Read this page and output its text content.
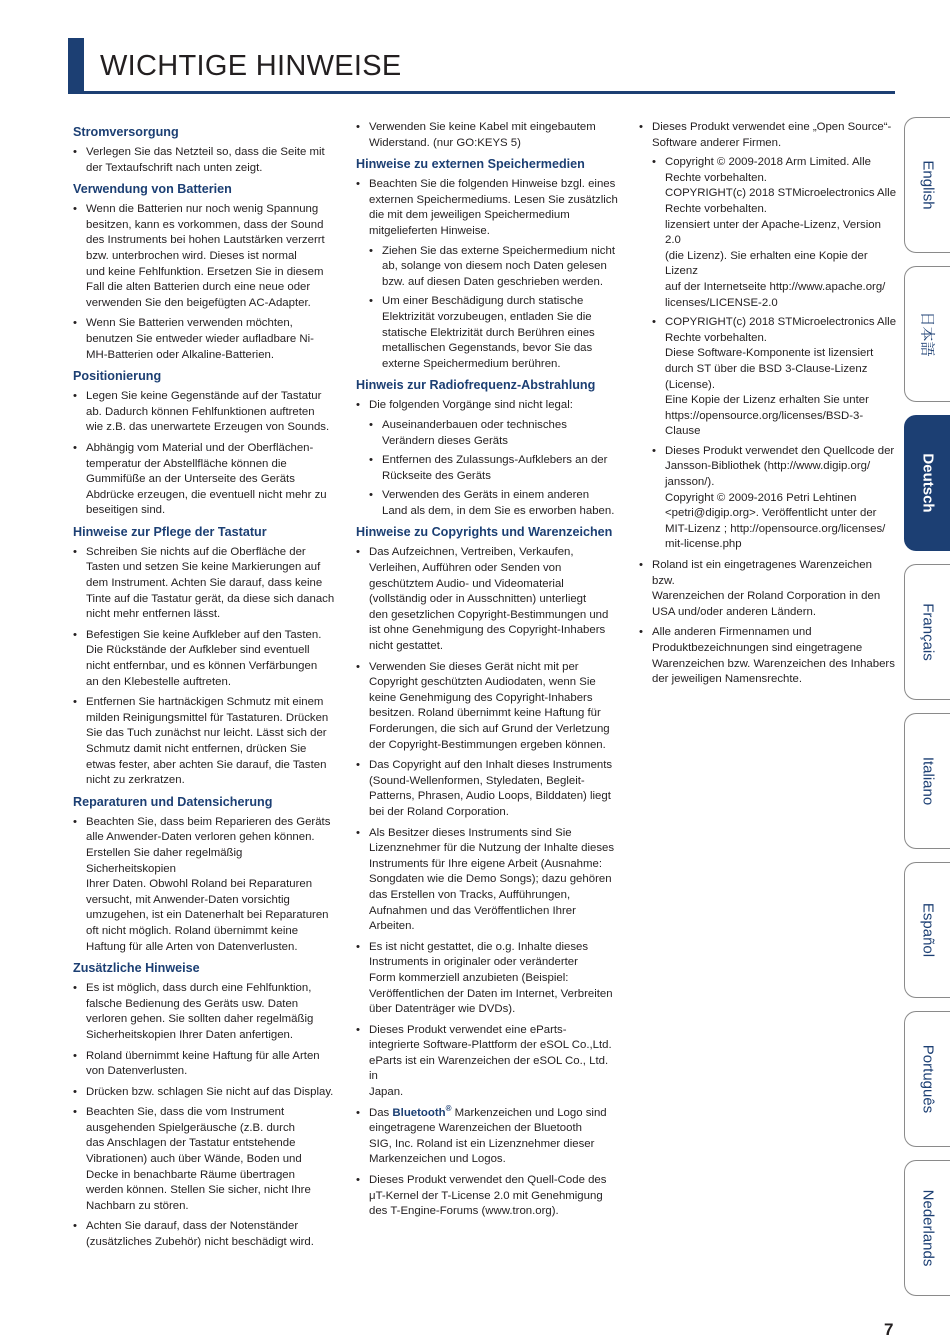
WICHTIGE HINWEISE
Stromversorgung
• Verlegen Sie das Netzteil so, dass die Seite mit
der Textaufschrift nach unten zeigt.
Verwendung von Batterien
• Wenn die Batterien nur noch wenig Spannung
besitzen, kann es vorkommen, dass der Sound
des Instruments bei hohen Lautstärken verzerrt
bzw. unterbrochen wird. Dieses ist normal
und keine Fehlfunktion. Ersetzen Sie in diesem
Fall die alten Batterien durch eine neue oder
verwenden Sie den beigefügten AC-Adapter.
• Wenn Sie Batterien verwenden möchten,
benutzen Sie entweder wieder aufladbare Ni-
MH-Batterien oder Alkaline-Batterien.
Positionierung
• Legen Sie keine Gegenstände auf der Tastatur
ab. Dadurch können Fehlfunktionen auftreten
wie z.B. das unerwartete Erzeugen von Sounds.
• Abhängig vom Material und der Oberflächen-
temperatur der Abstellfläche können die
Gummifüße an der Unterseite des Geräts
Abdrücke erzeugen, die eventuell nicht mehr zu
beseitigen sind.
Hinweise zur Pflege der Tastatur
• Schreiben Sie nichts auf die Oberfläche der
Tasten und setzen Sie keine Markierungen auf
dem Instrument. Achten Sie darauf, dass keine
Tinte auf die Tastatur gerät, da diese sich danach
nicht mehr entfernen lässt.
• Befestigen Sie keine Aufkleber auf den Tasten.
Die Rückstände der Aufkleber sind eventuell
nicht entfernbar, und es können Verfärbungen
an den Klebestelle auftreten.
• Entfernen Sie hartnäckigen Schmutz mit einem
milden Reinigungsmittel für Tastaturen. Drücken
Sie das Tuch zunächst nur leicht. Lässt sich der
Schmutz damit nicht entfernen, drücken Sie
etwas fester, aber achten Sie darauf, die Tasten
nicht zu zerkratzen.
Reparaturen und Datensicherung
• Beachten Sie, dass beim Reparieren des Geräts
alle Anwender-Daten verloren gehen können.
Erstellen Sie daher regelmäßig Sicherheitskopien
Ihrer Daten. Obwohl Roland bei Reparaturen
versucht, mit Anwender-Daten vorsichtig
umzugehen, ist ein Datenerhalt bei Reparaturen
oft nicht möglich. Roland übernimmt keine
Haftung für alle Arten von Datenverlusten.
Zusätzliche Hinweise
• Es ist möglich, dass durch eine Fehlfunktion,
falsche Bedienung des Geräts usw. Daten
verloren gehen. Sie sollten daher regelmäßig
Sicherheitskopien Ihrer Daten anfertigen.
• Roland übernimmt keine Haftung für alle Arten
von Datenverlusten.
• Drücken bzw. schlagen Sie nicht auf das Display.
• Beachten Sie, dass die vom Instrument
ausgehenden Spielgeräusche (z.B. durch
das Anschlagen der Tastatur entstehende
Vibrationen) auch über Wände, Boden und
Decke in benachbarte Räume übertragen
werden können. Stellen Sie sicher, nicht Ihre
Nachbarn zu stören.
• Achten Sie darauf, dass der Notenständer
(zusätzliches Zubehör) nicht beschädigt wird.
• Verwenden Sie keine Kabel mit eingebautem
Widerstand. (nur GO:KEYS 5)
Hinweise zu externen Speichermedien
• Beachten Sie die folgenden Hinweise bzgl. eines
externen Speichermediums. Lesen Sie zusätzlich
die mit dem jeweiligen Speichermedium
mitgelieferten Hinweise.
• Ziehen Sie das externe Speichermedium nicht
ab, solange von diesem noch Daten gelesen
bzw. auf diesen Daten geschrieben werden.
• Um einer Beschädigung durch statische
Elektrizität vorzubeugen, entladen Sie die
statische Elektrizität durch Berühren eines
metallischen Gegenstands, bevor Sie das
externe Speichermedium berühren.
Hinweis zur Radiofrequenz-Abstrahlung
• Die folgenden Vorgänge sind nicht legal:
• Auseinanderbauen oder technisches
Verändern dieses Geräts
• Entfernen des Zulassungs-Aufklebers an der
Rückseite des Geräts
• Verwenden des Geräts in einem anderen
Land als dem, in dem Sie es erworben haben.
Hinweise zu Copyrights und Warenzeichen
• Das Aufzeichnen, Vertreiben, Verkaufen,
Verleihen, Aufführen oder Senden von
geschütztem Audio- und Videomaterial
(vollständig oder in Ausschnitten) unterliegt
den gesetzlichen Copyright-Bestimmungen und
ist ohne Genehmigung des Copyright-Inhabers
nicht gestattet.
• Verwenden Sie dieses Gerät nicht mit per
Copyright geschützten Audiodaten, wenn Sie
keine Genehmigung des Copyright-Inhabers
besitzen. Roland übernimmt keine Haftung für
Forderungen, die sich auf Grund der Verletzung
der Copyright-Bestimmungen ergeben können.
• Das Copyright auf den Inhalt dieses Instruments
(Sound-Wellenformen, Styledaten, Begleit-
Patterns, Phrasen, Audio Loops, Bilddaten) liegt
bei der Roland Corporation.
• Als Besitzer dieses Instruments sind Sie
Lizenznehmer für die Nutzung der Inhalte dieses
Instruments für Ihre eigene Arbeit (Ausnahme:
Songdaten wie die Demo Songs); dazu gehören
das Erstellen von Tracks, Aufführungen,
Aufnahmen und das Veröffentlichen Ihrer
Arbeiten.
• Es ist nicht gestattet, die o.g. Inhalte dieses
Instruments in originaler oder veränderter
Form kommerziell anzubieten (Beispiel:
Veröffentlichen der Daten im Internet, Verbreiten
über Datenträger wie DVDs).
• Dieses Produkt verwendet eine eParts-
integrierte Software-Plattform der eSOL Co.,Ltd.
eParts ist ein Warenzeichen der eSOL Co., Ltd. in
Japan.
• Das Bluetooth® Markenzeichen und Logo sind
eingetragene Warenzeichen der Bluetooth
SIG, Inc. Roland ist ein Lizenznehmer dieser
Markenzeichen und Logos.
• Dieses Produkt verwendet den Quell-Code des
μT-Kernel der T-License 2.0 mit Genehmigung
des T-Engine-Forums (www.tron.org).
• Dieses Produkt verwendet eine „Open Source“-
Software anderer Firmen.
• Copyright © 2009-2018 Arm Limited. Alle
Rechte vorbehalten.
COPYRIGHT(c) 2018 STMicroelectronics Alle
Rechte vorbehalten.
lizensiert unter der Apache-Lizenz, Version 2.0
(die Lizenz). Sie erhalten eine Kopie der Lizenz
auf der Internetseite http://www.apache.org/
licenses/LICENSE-2.0
• COPYRIGHT(c) 2018 STMicroelectronics Alle
Rechte vorbehalten.
Diese Software-Komponente ist lizensiert
durch ST über die BSD 3-Clause-Lizenz
(License).
Eine Kopie der Lizenz erhalten Sie unter
https://opensource.org/licenses/BSD-3-
Clause
• Dieses Produkt verwendet den Quellcode der
Jansson-Bibliothek (http://www.digip.org/
jansson/).
Copyright © 2009-2016 Petri Lehtinen
<petri@digip.org>. Veröffentlicht unter der
MIT-Lizenz ; http://opensource.org/licenses/
mit-license.php
• Roland ist ein eingetragenes Warenzeichen bzw.
Warenzeichen der Roland Corporation in den
USA und/oder anderen Ländern.
• Alle anderen Firmennamen und
Produktbezeichnungen sind eingetragene
Warenzeichen bzw. Warenzeichen des Inhabers
der jeweiligen Namensrechte.
English
日本語
Deutsch
Français
Italiano
Español
Português
Nederlands
7
